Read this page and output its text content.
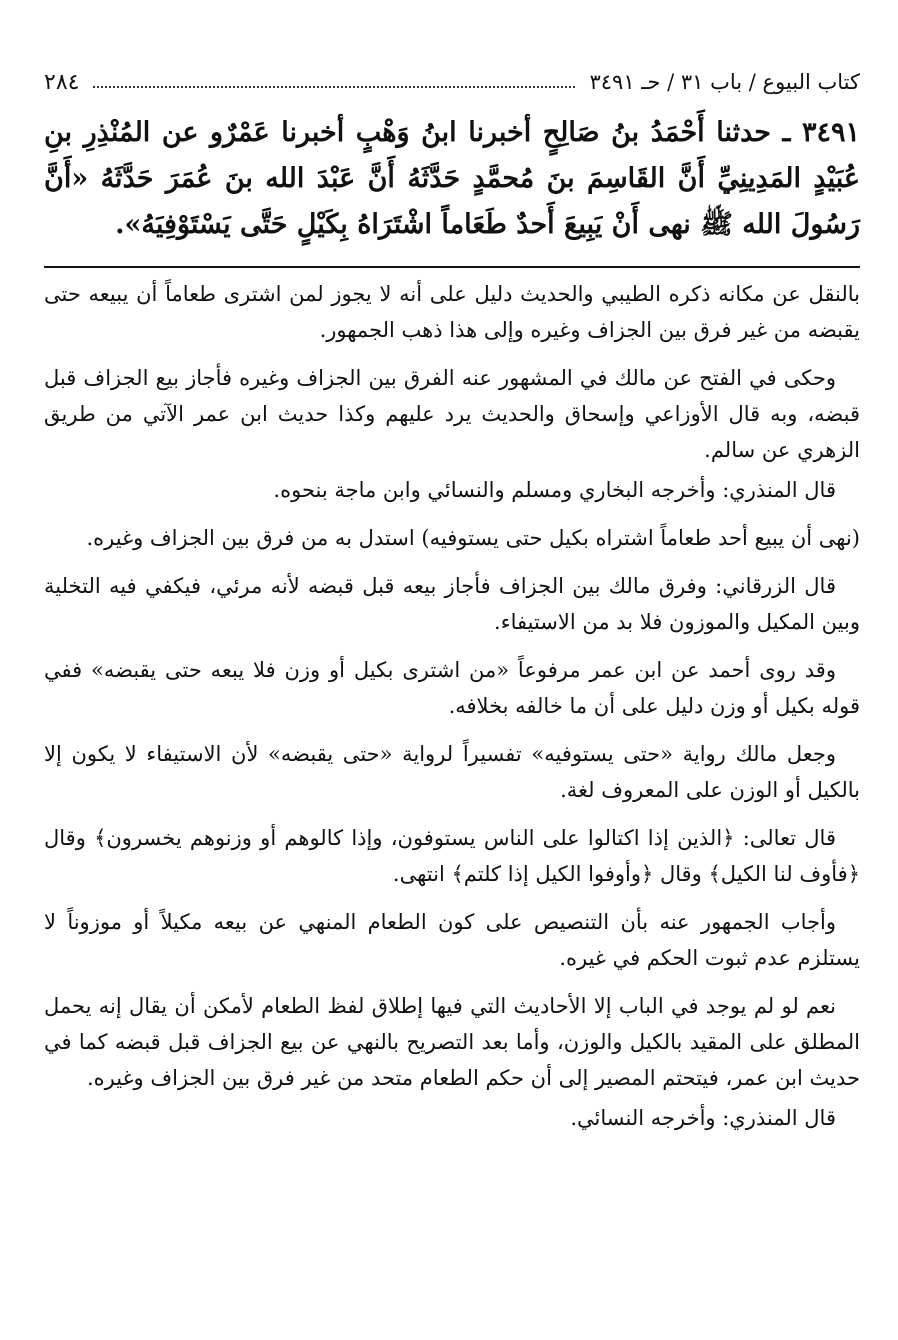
كتاب البيوع / باب ٣١ / حـ ٣٤٩١
٢٨٤
٣٤٩١ ـ حدثنا أَحْمَدُ بنُ صَالِحٍ أخبرنا ابنُ وَهْبٍ أخبرنا عَمْرٌو عن المُنْذِرِ بنِ عُبَيْدٍ المَدِينِيِّ أَنَّ القَاسِمَ بنَ مُحمَّدٍ حَدَّثَهُ أَنَّ عَبْدَ الله بنَ عُمَرَ حَدَّثَهُ «أَنَّ رَسُولَ الله ﷺ نهى أَنْ يَبِيعَ أَحدٌ طَعَاماً اشْتَرَاهُ بِكَيْلٍ حَتَّى يَسْتَوْفِيَهُ».

بالنقل عن مكانه ذكره الطيبي والحديث دليل على أنه لا يجوز لمن اشترى طعاماً أن يبيعه حتى يقبضه من غير فرق بين الجزاف وغيره وإلى هذا ذهب الجمهور.

وحكى في الفتح عن مالك في المشهور عنه الفرق بين الجزاف وغيره فأجاز بيع الجزاف قبل قبضه، وبه قال الأوزاعي وإسحاق والحديث يرد عليهم وكذا حديث ابن عمر الآتي من طريق الزهري عن سالم.

قال المنذري: وأخرجه البخاري ومسلم والنسائي وابن ماجة بنحوه.

(نهى أن يبيع أحد طعاماً اشتراه بكيل حتى يستوفيه) استدل به من فرق بين الجزاف وغيره.

قال الزرقاني: وفرق مالك بين الجزاف فأجاز بيعه قبل قبضه لأنه مرئي، فيكفي فيه التخلية وبين المكيل والموزون فلا بد من الاستيفاء.

وقد روى أحمد عن ابن عمر مرفوعاً «من اشترى بكيل أو وزن فلا يبعه حتى يقبضه» ففي قوله بكيل أو وزن دليل على أن ما خالفه بخلافه.

وجعل مالك رواية «حتى يستوفيه» تفسيراً لرواية «حتى يقبضه» لأن الاستيفاء لا يكون إلا بالكيل أو الوزن على المعروف لغة.

قال تعالى: ﴿الذين إذا اكتالوا على الناس يستوفون، وإذا كالوهم أو وزنوهم يخسرون﴾ وقال ﴿فأوف لنا الكيل﴾ وقال ﴿وأوفوا الكيل إذا كلتم﴾ انتهى.

وأجاب الجمهور عنه بأن التنصيص على كون الطعام المنهي عن بيعه مكيلاً أو موزوناً لا يستلزم عدم ثبوت الحكم في غيره.

نعم لو لم يوجد في الباب إلا الأحاديث التي فيها إطلاق لفظ الطعام لأمكن أن يقال إنه يحمل المطلق على المقيد بالكيل والوزن، وأما بعد التصريح بالنهي عن بيع الجزاف قبل قبضه كما في حديث ابن عمر، فيتحتم المصير إلى أن حكم الطعام متحد من غير فرق بين الجزاف وغيره.

قال المنذري: وأخرجه النسائي.
